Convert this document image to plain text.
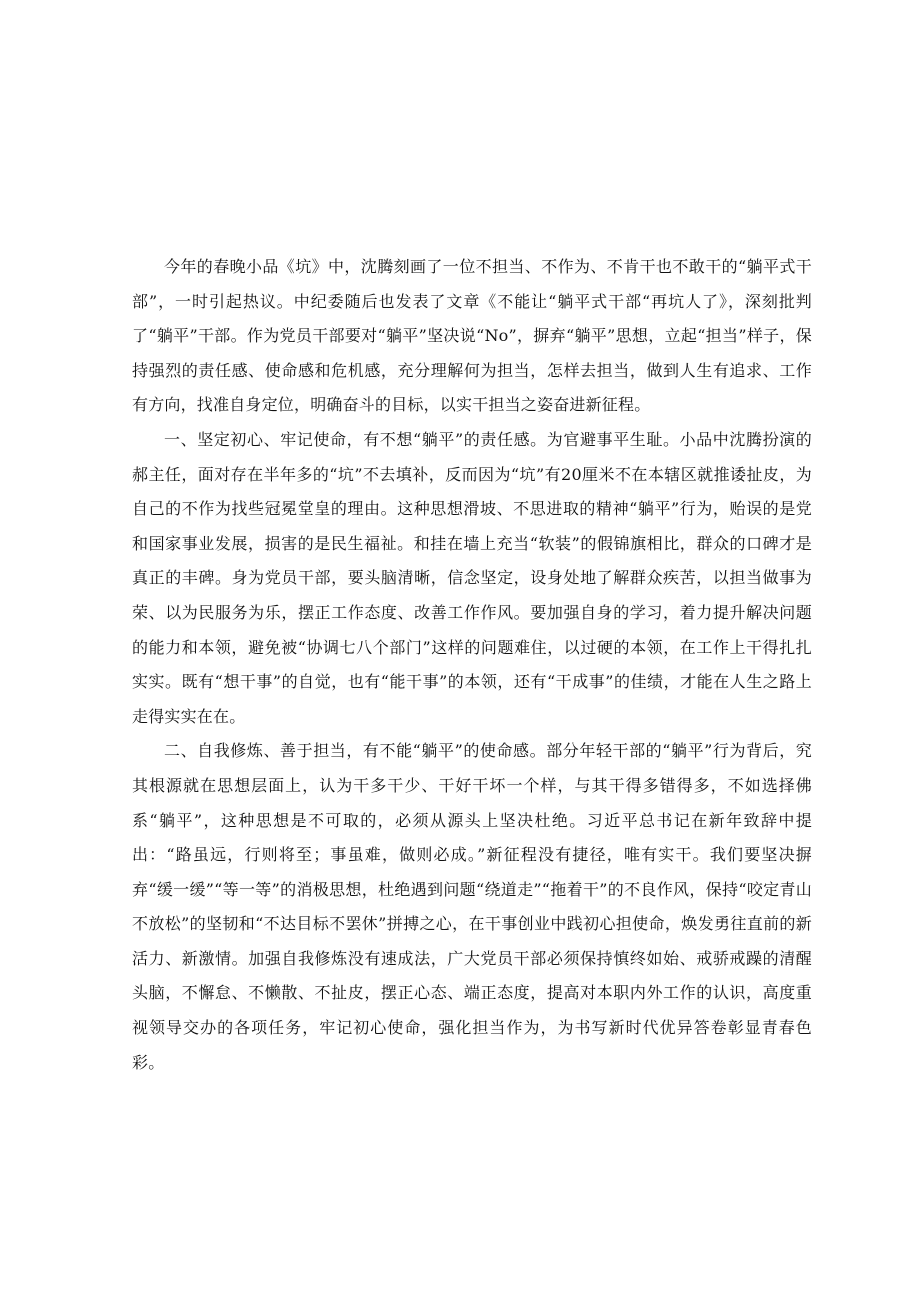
今年的春晚小品《坑》中，沈腾刻画了一位不担当、不作为、不肯干也不敢干的“躺平式干部”，一时引起热议。中纪委随后也发表了文章《不能让“躺平式干部“再坑人了》，深刻批判了“躺平”干部。作为党员干部要对“躺平”坚决说“No”，摒弃“躺平”思想，立起“担当”样子，保持强烈的责任感、使命感和危机感，充分理解何为担当，怎样去担当，做到人生有追求、工作有方向，找准自身定位，明确奋斗的目标，以实干担当之姿奋进新征程。

一、坚定初心、牢记使命，有不想“躺平”的责任感。为官避事平生耻。小品中沈腾扮演的郝主任，面对存在半年多的“坑”不去填补，反而因为“坑”有20厘米不在本辖区就推诿扯皮，为自己的不作为找些冠冕堂皇的理由。这种思想滑坡、不思进取的精神“躺平”行为，贻误的是党和国家事业发展，损害的是民生福祉。和挂在墙上充当“软装”的假锦旗相比，群众的口碑才是真正的丰碑。身为党员干部，要头脑清晰，信念坚定，设身处地了解群众疾苦，以担当做事为荣、以为民服务为乐，摆正工作态度、改善工作作风。要加强自身的学习，着力提升解决问题的能力和本领，避免被“协调七八个部门”这样的问题难住，以过硬的本领，在工作上干得扎扎实实。既有“想干事”的自觉，也有“能干事”的本领，还有“干成事”的佳绩，才能在人生之路上走得实实在在。

二、自我修炼、善于担当，有不能“躺平”的使命感。部分年轻干部的“躺平”行为背后，究其根源就在思想层面上，认为干多干少、干好干坏一个样，与其干得多错得多，不如选择佛系“躺平”，这种思想是不可取的，必须从源头上坚决杜绝。习近平总书记在新年致辞中提出：“路虽远，行则将至；事虽难，做则必成。”新征程没有捷径，唯有实干。我们要坚决摒弃“缓一缓”“等一等”的消极思想，杜绝遇到问题“绕道走”“拖着干”的不良作风，保持“咬定青山不放松”的坚韧和“不达目标不罢休”拼搏之心，在干事创业中践初心担使命，焕发勇往直前的新活力、新激情。加强自我修炼没有速成法，广大党员干部必须保持慎终如始、戒骄戒躁的清醒头脑，不懈怠、不懒散、不扯皮，摆正心态、端正态度，提高对本职内外工作的认识，高度重视领导交办的各项任务，牢记初心使命，强化担当作为，为书写新时代优异答卷彰显青春色彩。
